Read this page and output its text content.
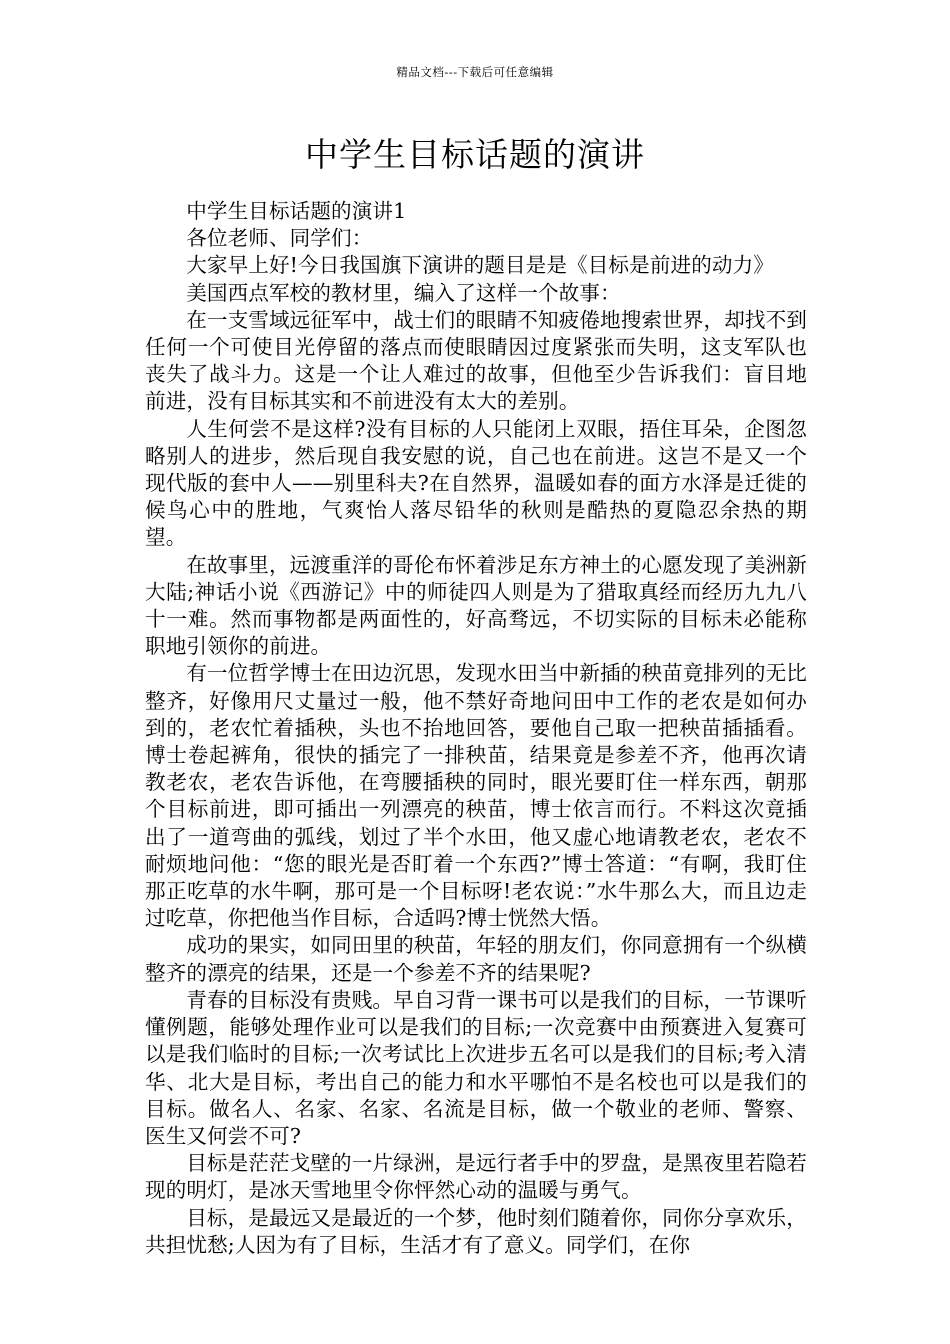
精品文档---下载后可任意编辑
中学生目标话题的演讲

中学生目标话题的演讲1

各位老师、同学们：

大家早上好!今日我国旗下演讲的题目是是《目标是前进的动力》

美国西点军校的教材里，编入了这样一个故事：

在一支雪域远征军中，战士们的眼睛不知疲倦地搜索世界，却找不到任何一个可使目光停留的落点而使眼睛因过度紧张而失明，这支军队也丧失了战斗力。这是一个让人难过的故事，但他至少告诉我们：盲目地前进，没有目标其实和不前进没有太大的差别。

人生何尝不是这样?没有目标的人只能闭上双眼，捂住耳朵，企图忽略别人的进步，然后现自我安慰的说，自己也在前进。这岂不是又一个现代版的套中人——别里科夫?在自然界，温暖如春的面方水泽是迁徙的候鸟心中的胜地，气爽怡人落尽铅华的秋则是酷热的夏隐忍余热的期望。

在故事里，远渡重洋的哥伦布怀着涉足东方神土的心愿发现了美洲新大陆;神话小说《西游记》中的师徒四人则是为了猎取真经而经历九九八十一难。然而事物都是两面性的，好高骛远，不切实际的目标未必能称职地引领你的前进。

有一位哲学博士在田边沉思，发现水田当中新插的秧苗竟排列的无比整齐，好像用尺丈量过一般，他不禁好奇地问田中工作的老农是如何办到的，老农忙着插秧，头也不抬地回答，要他自己取一把秧苗插插看。博士卷起裤角，很快的插完了一排秧苗，结果竟是参差不齐，他再次请教老农，老农告诉他，在弯腰插秧的同时，眼光要盯住一样东西，朝那个目标前进，即可插出一列漂亮的秧苗，博士依言而行。不料这次竟插出了一道弯曲的弧线，划过了半个水田，他又虚心地请教老农，老农不耐烦地问他：“您的眼光是否盯着一个东西?”博士答道：“有啊，我盯住那正吃草的水牛啊，那可是一个目标呀!老农说：”水牛那么大，而且边走过吃草，你把他当作目标，合适吗?博士恍然大悟。

成功的果实，如同田里的秧苗，年轻的朋友们，你同意拥有一个纵横整齐的漂亮的结果，还是一个参差不齐的结果呢?

青春的目标没有贵贱。早自习背一课书可以是我们的目标，一节课听懂例题，能够处理作业可以是我们的目标;一次竞赛中由预赛进入复赛可以是我们临时的目标;一次考试比上次进步五名可以是我们的目标;考入清华、北大是目标，考出自己的能力和水平哪怕不是名校也可以是我们的目标。做名人、名家、名家、名流是目标，做一个敬业的老师、警察、医生又何尝不可?

目标是茫茫戈壁的一片绿洲，是远行者手中的罗盘，是黑夜里若隐若现的明灯，是冰天雪地里令你怦然心动的温暖与勇气。

目标，是最远又是最近的一个梦，他时刻们随着你，同你分享欢乐，共担忧愁;人因为有了目标，生活才有了意义。同学们，在你
